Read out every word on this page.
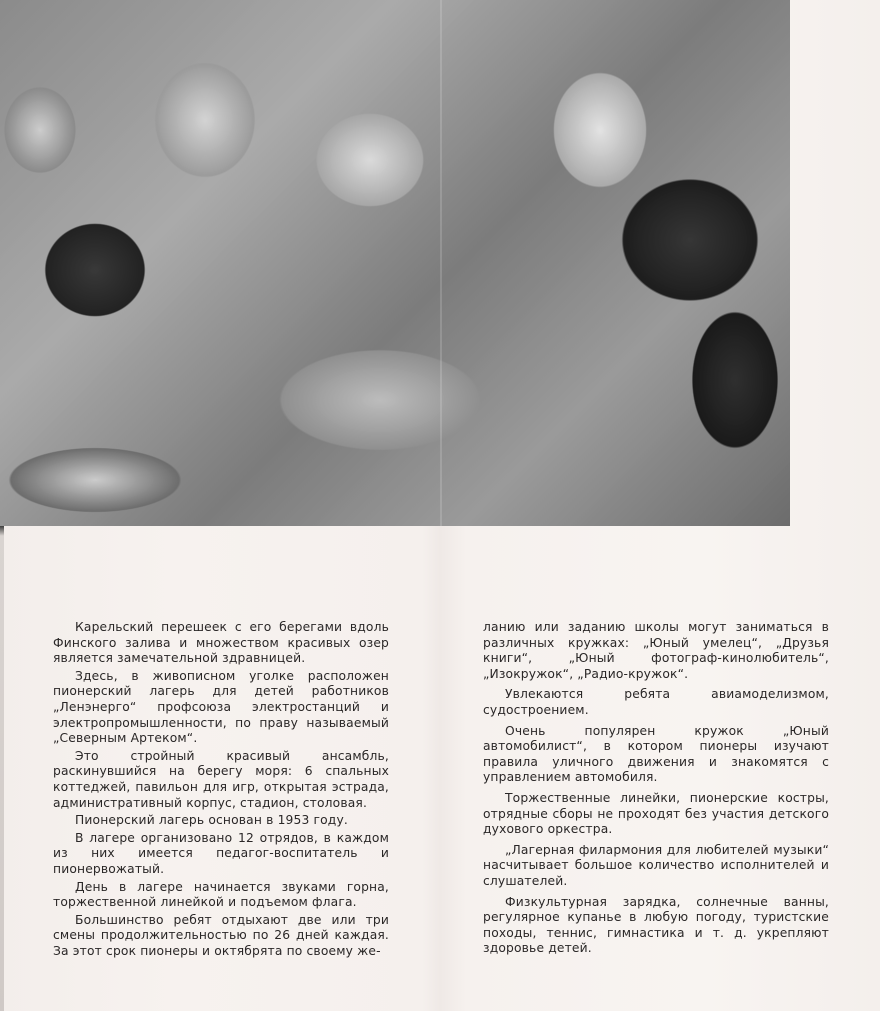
Карельский перешеек с его берегами вдоль Финского залива и множеством красивых озер является замечательной здравницей.

Здесь, в живописном уголке расположен пионерский лагерь для детей работников „Ленэнерго“ профсоюза электростанций и электропромышленности, по праву называемый „Северным Артеком“.

Это стройный красивый ансамбль, раскинувшийся на берегу моря: 6 спальных коттеджей, павильон для игр, открытая эстрада, административный корпус, стадион, столовая.

Пионерский лагерь основан в 1953 году.

В лагере организовано 12 отрядов, в каждом из них имеется педагог-воспитатель и пионервожатый.

День в лагере начинается звуками горна, торжественной линейкой и подъемом флага.

Большинство ребят отдыхают две или три смены продолжительностью по 26 дней каждая. За этот срок пионеры и октябрята по своему же-

ланию или заданию школы могут заниматься в различных кружках: „Юный умелец“, „Друзья книги“, „Юный фотограф-кинолюбитель“, „Изокружок“, „Радио-кружок“.

Увлекаются ребята авиамоделизмом, судостроением.

Очень популярен кружок „Юный автомобилист“, в котором пионеры изучают правила уличного движения и знакомятся с управлением автомобиля.

Торжественные линейки, пионерские костры, отрядные сборы не проходят без участия детского духового оркестра.

„Лагерная филармония для любителей музыки“ насчитывает большое количество исполнителей и слушателей.

Физкультурная зарядка, солнечные ванны, регулярное купанье в любую погоду, туристские походы, теннис, гимнастика и т. д. укрепляют здоровье детей.
